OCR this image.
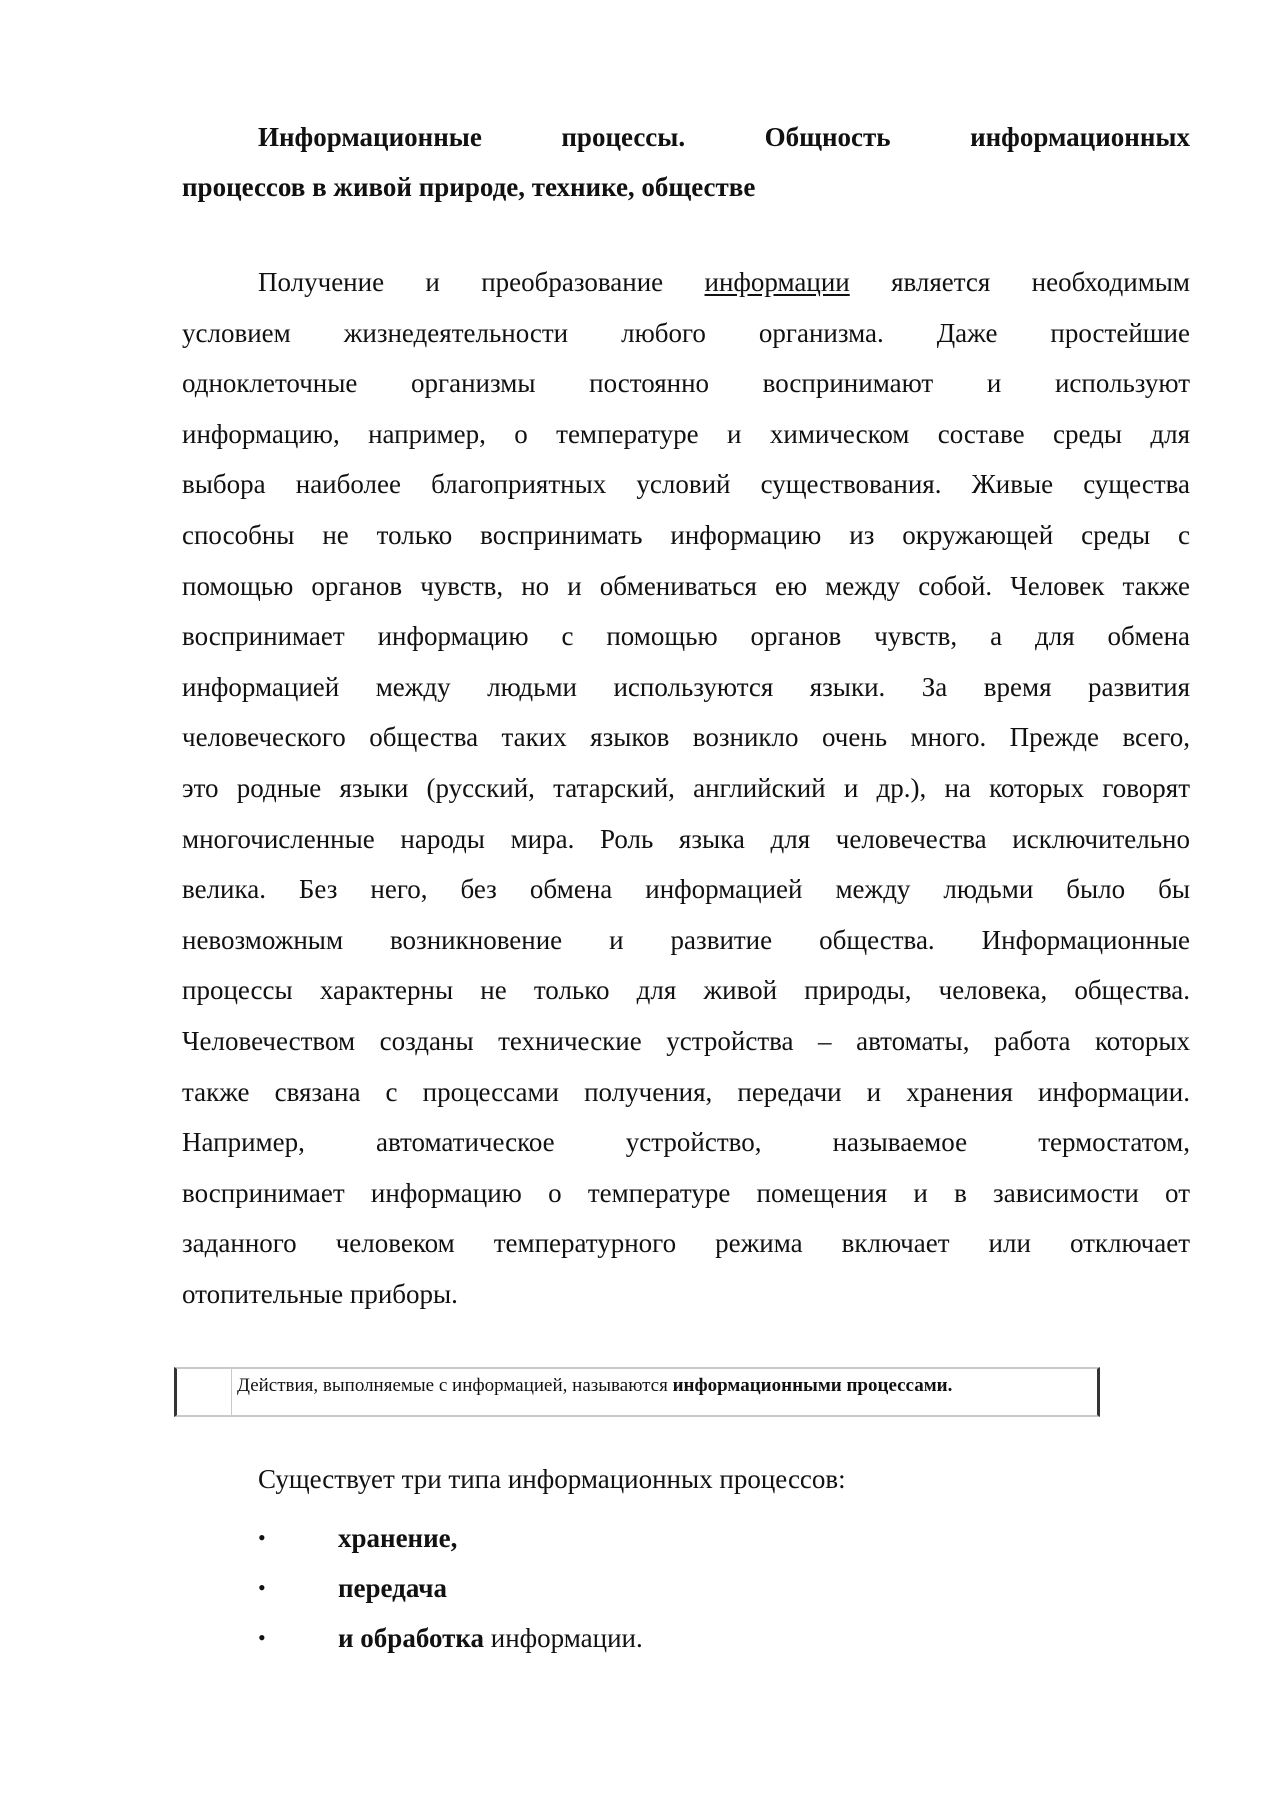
Информационные процессы. Общность информационных
процессов в живой природе, технике, обществе
Получение и преобразование информации является необходимым
условием жизнедеятельности любого организма. Даже простейшие
одноклеточные организмы постоянно воспринимают и используют
информацию, например, о температуре и химическом составе среды для
выбора наиболее благоприятных условий существования. Живые существа
способны не только воспринимать информацию из окружающей среды с
помощью органов чувств, но и обмениваться ею между собой. Человек также
воспринимает информацию с помощью органов чувств, а для обмена
информацией между людьми используются языки. За время развития
человеческого общества таких языков возникло очень много. Прежде всего,
это родные языки (русский, татарский, английский и др.), на которых говорят
многочисленные народы мира. Роль языка для человечества исключительно
велика. Без него, без обмена информацией между людьми было бы
невозможным возникновение и развитие общества. Информационные
процессы характерны не только для живой природы, человека, общества.
Человечеством созданы технические устройства – автоматы, работа которых
также связана с процессами получения, передачи и хранения информации.
Например, автоматическое устройство, называемое термостатом,
воспринимает информацию о температуре помещения и в зависимости от
заданного человеком температурного режима включает или отключает
отопительные приборы.
Действия, выполняемые с информацией, называются информационными процессами.

Существует три типа информационных процессов:

•	хранение,
•	передача
•	и обработка информации.
